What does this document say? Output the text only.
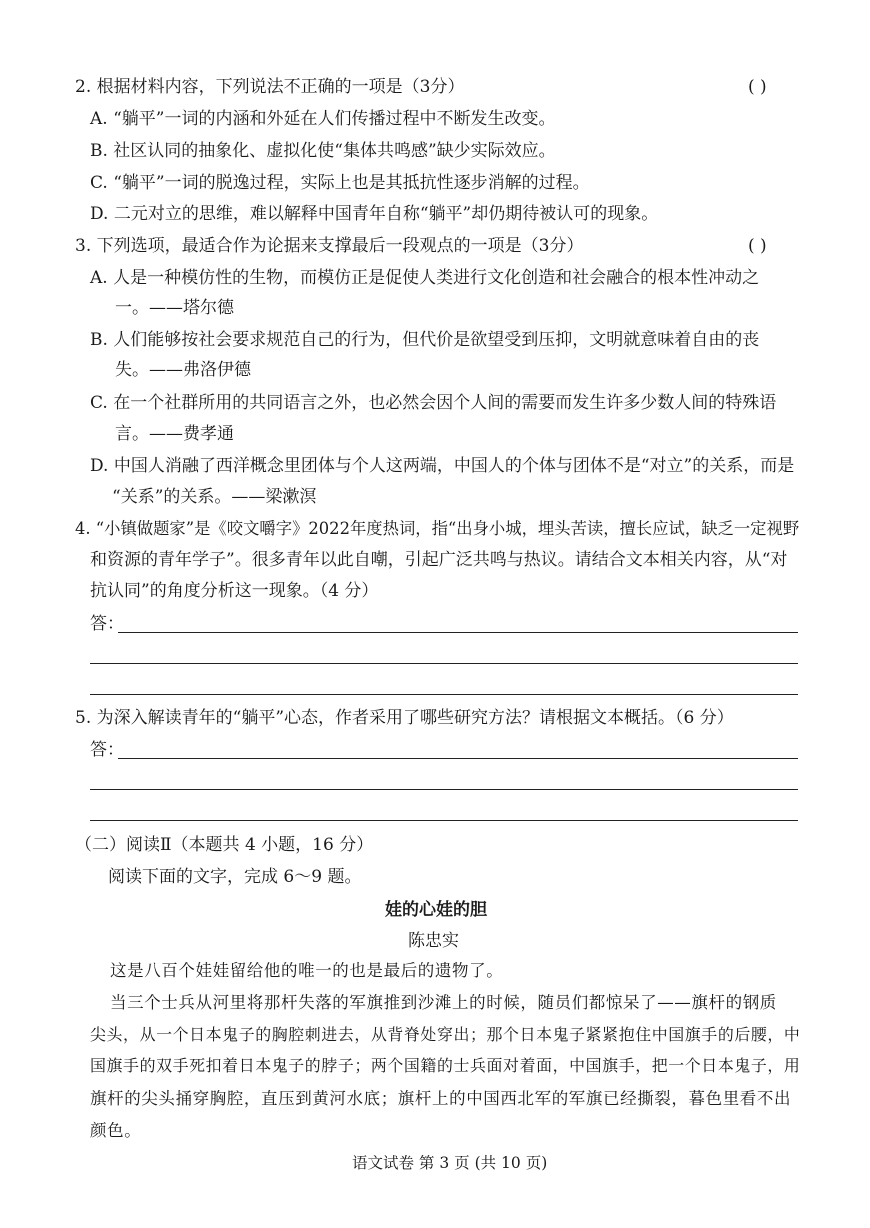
2. 根据材料内容，下列说法不正确的一项是（3分）	( )
A. “躺平”一词的内涵和外延在人们传播过程中不断发生改变。
B. 社区认同的抽象化、虚拟化使“集体共鸣感”缺少实际效应。
C. “躺平”一词的脱逸过程，实际上也是其抵抗性逐步消解的过程。
D. 二元对立的思维，难以解释中国青年自称“躺平”却仍期待被认可的现象。
3. 下列选项，最适合作为论据来支撑最后一段观点的一项是（3分）	( )
A. 人是一种模仿性的生物，而模仿正是促使人类进行文化创造和社会融合的根本性冲动之
一。——塔尔德
B. 人们能够按社会要求规范自己的行为，但代价是欲望受到压抑，文明就意味着自由的丧
失。——弗洛伊德
C. 在一个社群所用的共同语言之外，也必然会因个人间的需要而发生许多少数人间的特殊语
言。——费孝通
D. 中国人消融了西洋概念里团体与个人这两端，中国人的个体与团体不是“对立”的关系，而是
“关系”的关系。——梁漱溟
4. “小镇做题家”是《咬文嚼字》2022年度热词，指“出身小城，埋头苦读，擅长应试，缺乏一定视野
和资源的青年学子”。很多青年以此自嘲，引起广泛共鸣与热议。请结合文本相关内容，从“对
抗认同”的角度分析这一现象。（4 分）
答：
5. 为深入解读青年的“躺平”心态，作者采用了哪些研究方法？请根据文本概括。（6 分）
答：
（二）阅读Ⅱ（本题共 4 小题，16 分）
阅读下面的文字，完成 6～9 题。
娃的心娃的胆
陈忠实
这是八百个娃娃留给他的唯一的也是最后的遗物了。
当三个士兵从河里将那杆失落的军旗推到沙滩上的时候，随员们都惊呆了——旗杆的钢质
尖头，从一个日本鬼子的胸腔刺进去，从背脊处穿出；那个日本鬼子紧紧抱住中国旗手的后腰，中
国旗手的双手死扣着日本鬼子的脖子；两个国籍的士兵面对着面，中国旗手，把一个日本鬼子，用
旗杆的尖头捅穿胸腔，直压到黄河水底；旗杆上的中国西北军的军旗已经撕裂，暮色里看不出
颜色。
语文试卷 第 3 页 (共 10 页)
